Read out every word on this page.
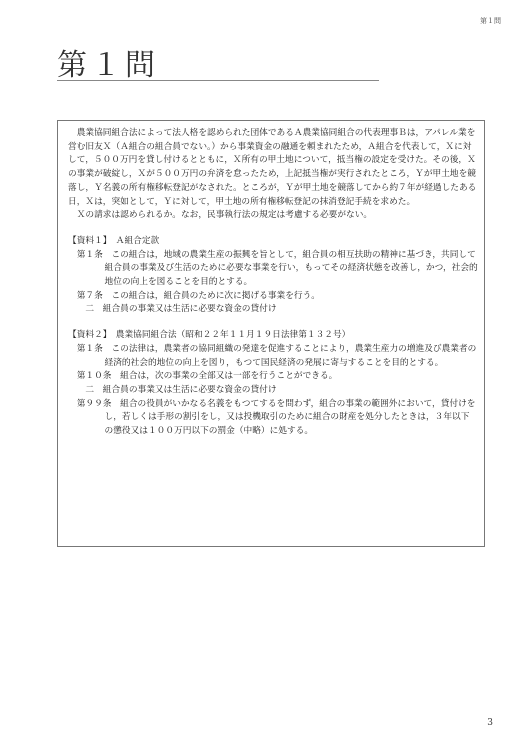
第１問
第１問

農業協同組合法によって法人格を認められた団体であるＡ農業協同組合の代表理事Ｂは，アパレル業を営む旧友Ｘ（Ａ組合の組合員でない。）から事業資金の融通を頼まれたため，Ａ組合を代表して，Ｘに対して，５００万円を貸し付けるとともに，Ｘ所有の甲土地について，抵当権の設定を受けた。その後，Ｘの事業が破綻し，Ｘが５００万円の弁済を怠ったため，上記抵当権が実行されたところ，Ｙが甲土地を競落し，Ｙ名義の所有権移転登記がなされた。ところが，Ｙが甲土地を競落してから約７年が経過したある日，Ｘは，突如として，Ｙに対して，甲土地の所有権移転登記の抹消登記手続を求めた。

Ｘの請求は認められるか。なお，民事執行法の規定は考慮する必要がない。

【資料１】　Ａ組合定款

第１条　この組合は，地域の農業生産の振興を旨として，組合員の相互扶助の精神に基づき，共同して組合員の事業及び生活のために必要な事業を行い，もってその経済状態を改善し，かつ，社会的地位の向上を図ることを目的とする。

第７条　この組合は，組合員のために次に掲げる事業を行う。

二　組合員の事業又は生活に必要な資金の貸付け

【資料２】　農業協同組合法（昭和２２年１１月１９日法律第１３２号）

第１条　この法律は，農業者の協同組織の発達を促進することにより，農業生産力の増進及び農業者の経済的社会的地位の向上を図り，もつて国民経済の発展に寄与することを目的とする。

第１０条　組合は，次の事業の全部又は一部を行うことができる。

二　組合員の事業又は生活に必要な資金の貸付け

第９９条　組合の役員がいかなる名義をもつてするを問わず，組合の事業の範囲外において，貸付けをし，若しくは手形の割引をし，又は投機取引のために組合の財産を処分したときは，３年以下の懲役又は１００万円以下の罰金（中略）に処する。

3
